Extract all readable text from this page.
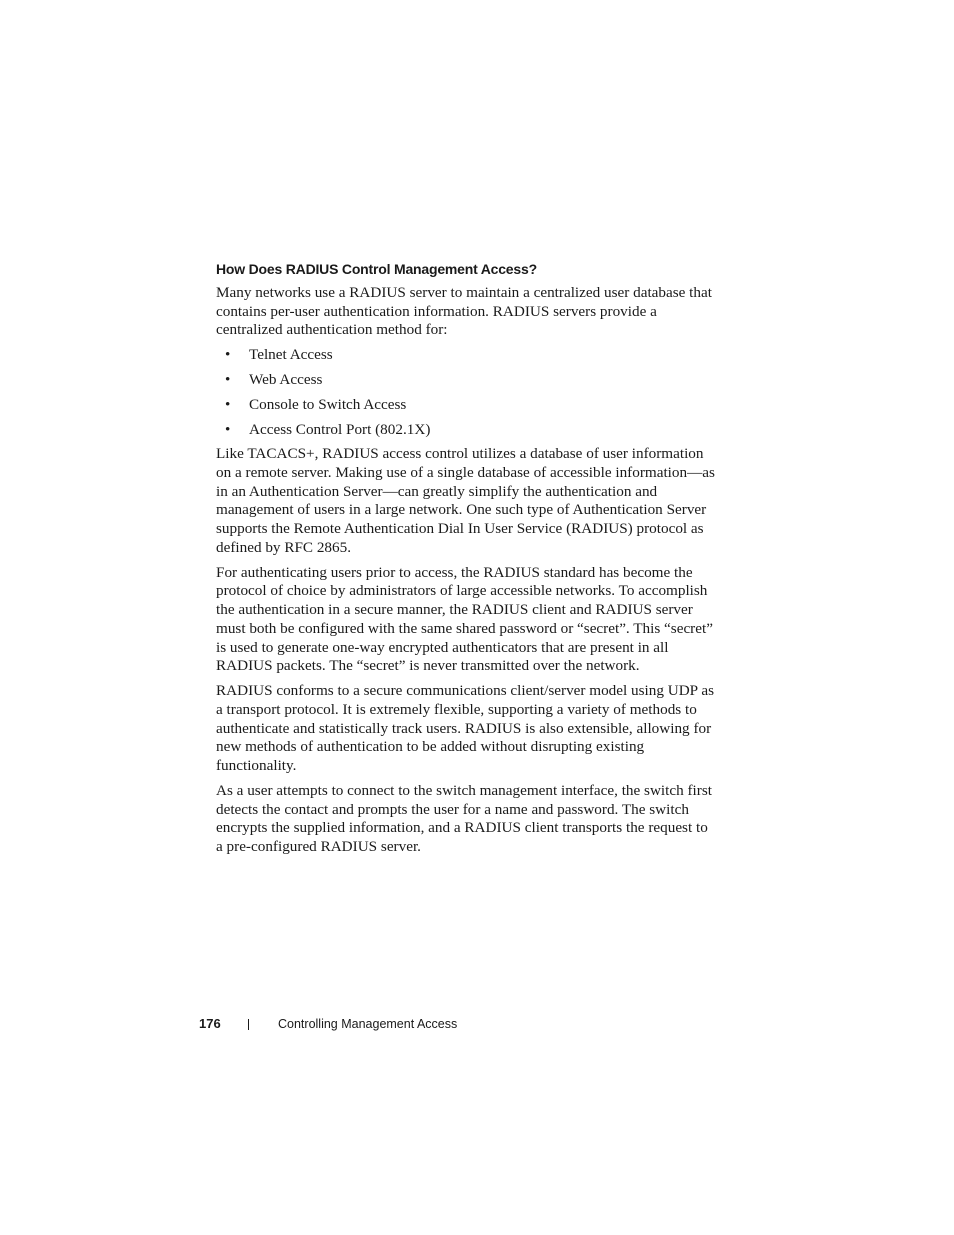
How Does RADIUS Control Management Access?

Many networks use a RADIUS server to maintain a centralized user database that contains per-user authentication information. RADIUS servers provide a centralized authentication method for:

• Telnet Access
• Web Access
• Console to Switch Access
• Access Control Port (802.1X)

Like TACACS+, RADIUS access control utilizes a database of user information on a remote server. Making use of a single database of accessible information—as in an Authentication Server—can greatly simplify the authentication and management of users in a large network. One such type of Authentication Server supports the Remote Authentication Dial In User Service (RADIUS) protocol as defined by RFC 2865.

For authenticating users prior to access, the RADIUS standard has become the protocol of choice by administrators of large accessible networks. To accomplish the authentication in a secure manner, the RADIUS client and RADIUS server must both be configured with the same shared password or “secret”. This “secret” is used to generate one-way encrypted authenticators that are present in all RADIUS packets. The “secret” is never transmitted over the network.

RADIUS conforms to a secure communications client/server model using UDP as a transport protocol. It is extremely flexible, supporting a variety of methods to authenticate and statistically track users. RADIUS is also extensible, allowing for new methods of authentication to be added without disrupting existing functionality.

As a user attempts to connect to the switch management interface, the switch first detects the contact and prompts the user for a name and password. The switch encrypts the supplied information, and a RADIUS client transports the request to a pre-configured RADIUS server.

176	Controlling Management Access
